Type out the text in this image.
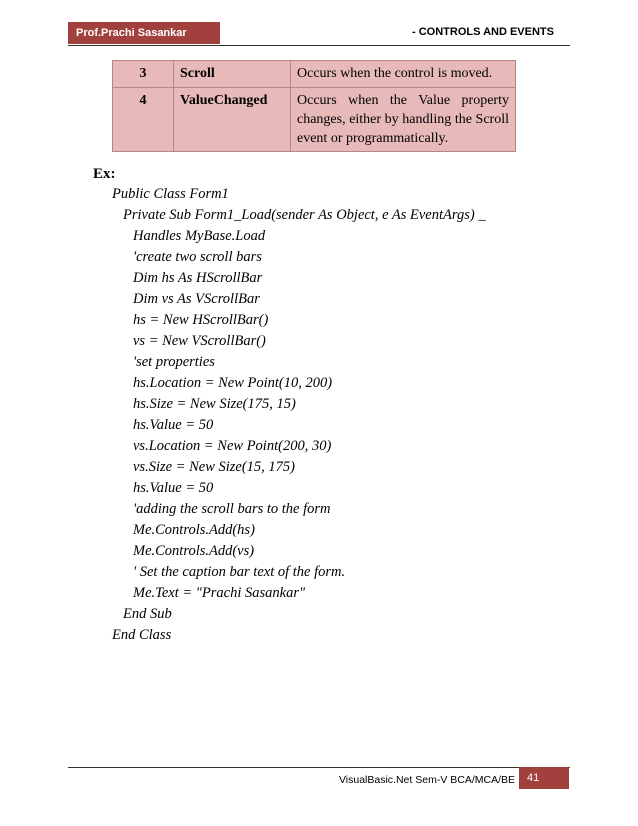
Prof.Prachi Sasankar	- CONTROLS AND EVENTS
3	Scroll	Occurs when the control is moved.
4	ValueChanged	Occurs when the Value property changes, either by handling the Scroll event or programmatically.
Ex:
Public Class Form1
Private Sub Form1_Load(sender As Object, e As EventArgs) _
Handles MyBase.Load
'create two scroll bars
Dim hs As HScrollBar
Dim vs As VScrollBar
hs = New HScrollBar()
vs = New VScrollBar()
'set properties
hs.Location = New Point(10, 200)
hs.Size = New Size(175, 15)
hs.Value = 50
vs.Location = New Point(200, 30)
vs.Size = New Size(15, 175)
hs.Value = 50
'adding the scroll bars to the form
Me.Controls.Add(hs)
Me.Controls.Add(vs)
' Set the caption bar text of the form.
Me.Text = "Prachi Sasankar"
End Sub
End Class
VisualBasic.Net Sem-V BCA/MCA/BE	41
